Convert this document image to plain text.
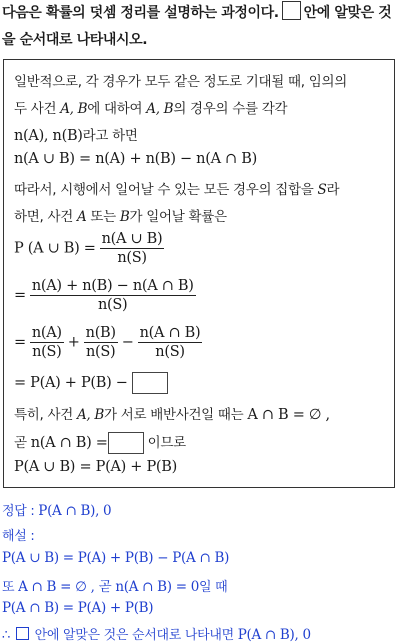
다음은 확률의 덧셈 정리를 설명하는 과정이다. 안에 알맞은 것을 순서대로 나타내시오.
일반적으로, 각 경우가 모두 같은 정도로 기대될 때, 임의의
두 사건 A, B에 대하여 A, B의 경우의 수를 각각
n(A), n(B)라고 하면
n(A ∪ B) = n(A) + n(B) − n(A ∩ B)
따라서, 시행에서 일어날 수 있는 모든 경우의 집합을 S라
하면, 사건 A 또는 B가 일어날 확률은
P (A ∪ $B) = \frac{n(A \cup B)}{n(S)}$
= $\frac{n(A) + n(B) - n(A \cap B)}{n(S)}$
= $\frac{n(A)}{n(S)} + \frac{n(B)}{n(S)} - \frac{n(A \cap B)}{n(S)}$
= P(A) + P(B) −
특히, 사건 A, B가 서로 배반사건일 때는 A ∩ B = ∅ ,
곧 n(A ∩ B) =	이므로
P(A ∪ B) = P(A) + P(B)
정답 : P(A ∩ B), 0
해설 :
P(A ∪ B) = P(A) + P(B) − P(A ∩ B)
또 A ∩ B = ∅ , 곧 n(A ∩ B) = 0일 때
P(A ∩ B) = P(A) + P(B)
∴ 안에 알맞은 것은 순서대로 나타내면 P(A ∩ B), 0
